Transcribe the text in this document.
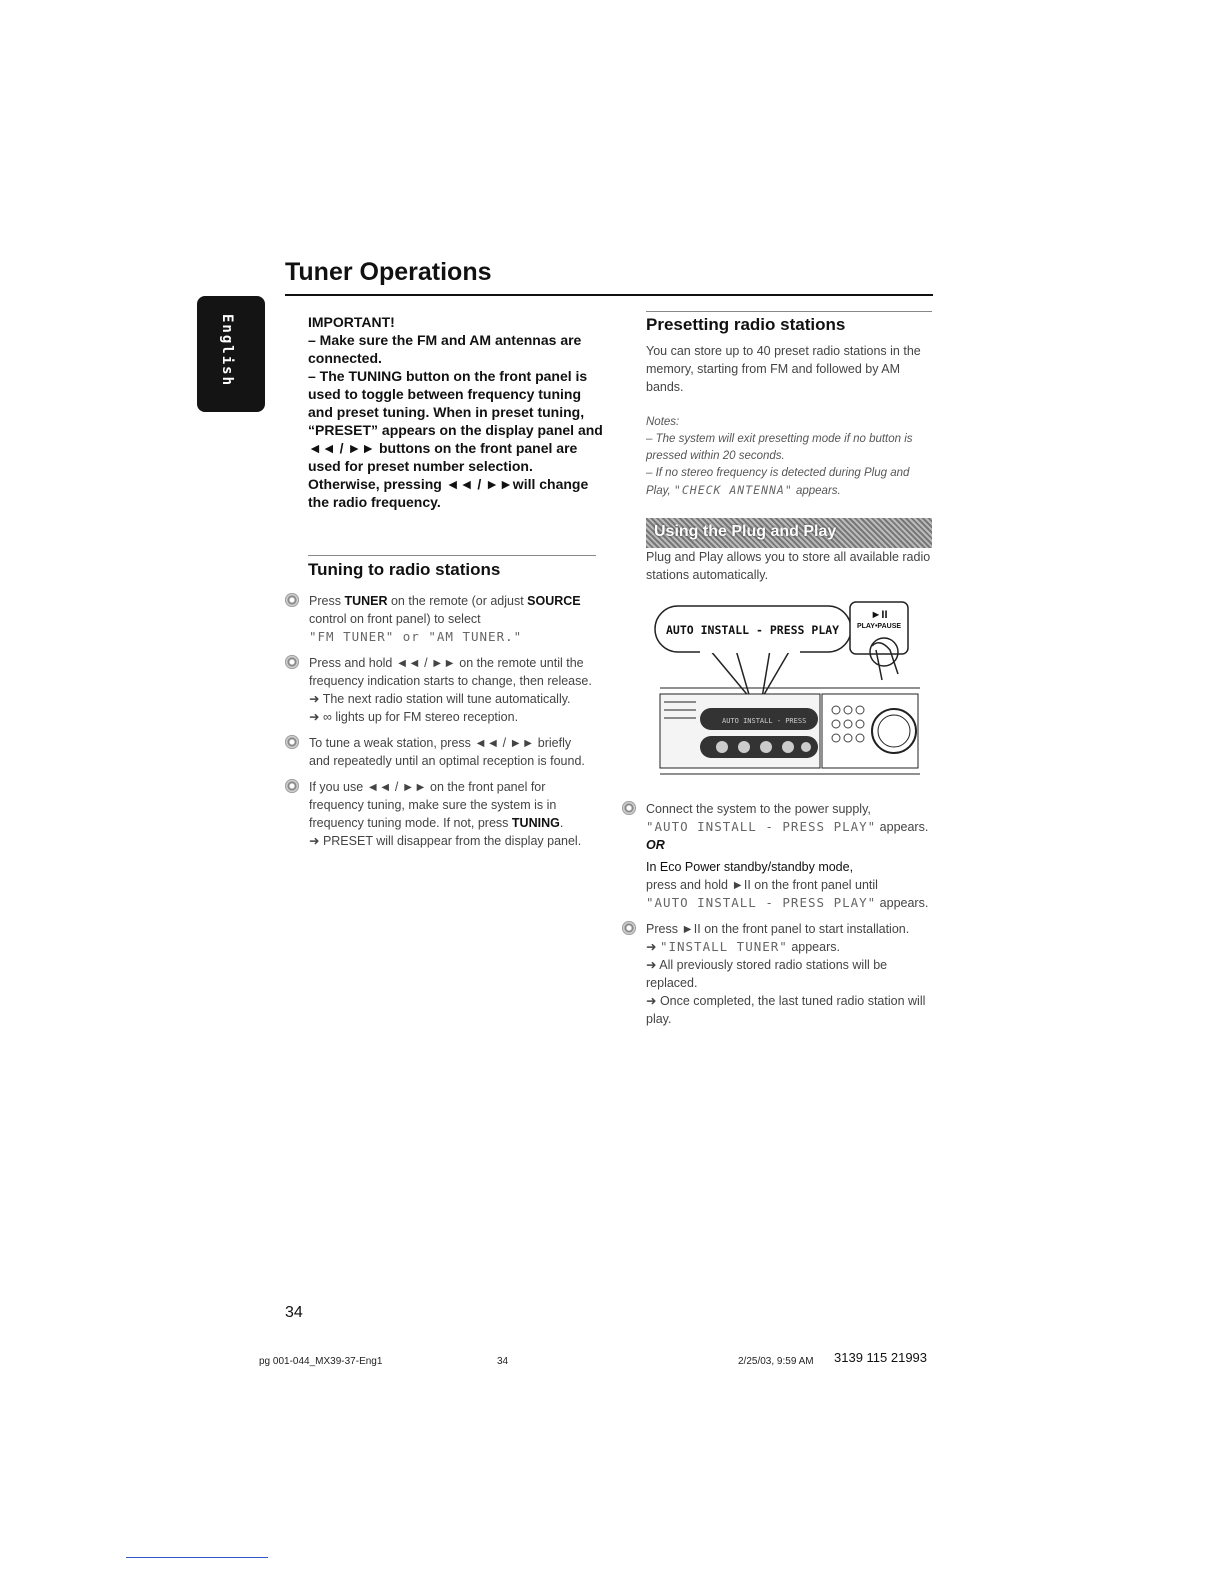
Tuner Operations
English	IMPORTANT!

– Make sure the FM and AM antennas are connected.

– The TUNING button on the front panel is used to toggle between frequency tuning and preset tuning. When in preset tuning, “PRESET” appears on the display panel and ◄◄ / ►► buttons on the front panel are used for preset number selection. Otherwise, pressing ◄◄ / ►►will change the radio frequency.

Tuning to radio stations
Press TUNER on the remote (or adjust SOURCE control on front panel) to select
"FM TUNER" or "AM TUNER."
Press and hold ◄◄ / ►► on the remote until the frequency indication starts to change, then release.
➜ The next radio station will tune automatically.
➜ ∞ lights up for FM stereo reception.
To tune a weak station, press ◄◄ / ►► briefly and repeatedly until an optimal reception is found.
If you use ◄◄ / ►► on the front panel for frequency tuning, make sure the system is in frequency tuning mode. If not, press TUNING.
➜ PRESET will disappear from the display panel.
Presetting radio stations
You can store up to 40 preset radio stations in the memory, starting from FM and followed by AM bands.
Notes:
– The system will exit presetting mode if no button is pressed within 20 seconds.
– If no stereo frequency is detected during Plug and Play, "CHECK ANTENNA" appears.
Using the Plug and Play
Plug and Play allows you to store all available radio stations automatically.
AUTO INSTALL - PRESS PLAY
►II
PLAY•PAUSE
AUTO INSTALL - PRESS
Connect the system to the power supply,
"AUTO INSTALL - PRESS PLAY" appears.
OR
In Eco Power standby/standby mode,
press and hold ►II on the front panel until
"AUTO INSTALL - PRESS PLAY" appears.
Press ►II on the front panel to start installation.
➜ "INSTALL TUNER" appears.
➜ All previously stored radio stations will be replaced.
➜ Once completed, the last tuned radio station will play.
34
pg 001-044_MX39-37-Eng1	34	2/25/03, 9:59 AM 3139 115 21993
